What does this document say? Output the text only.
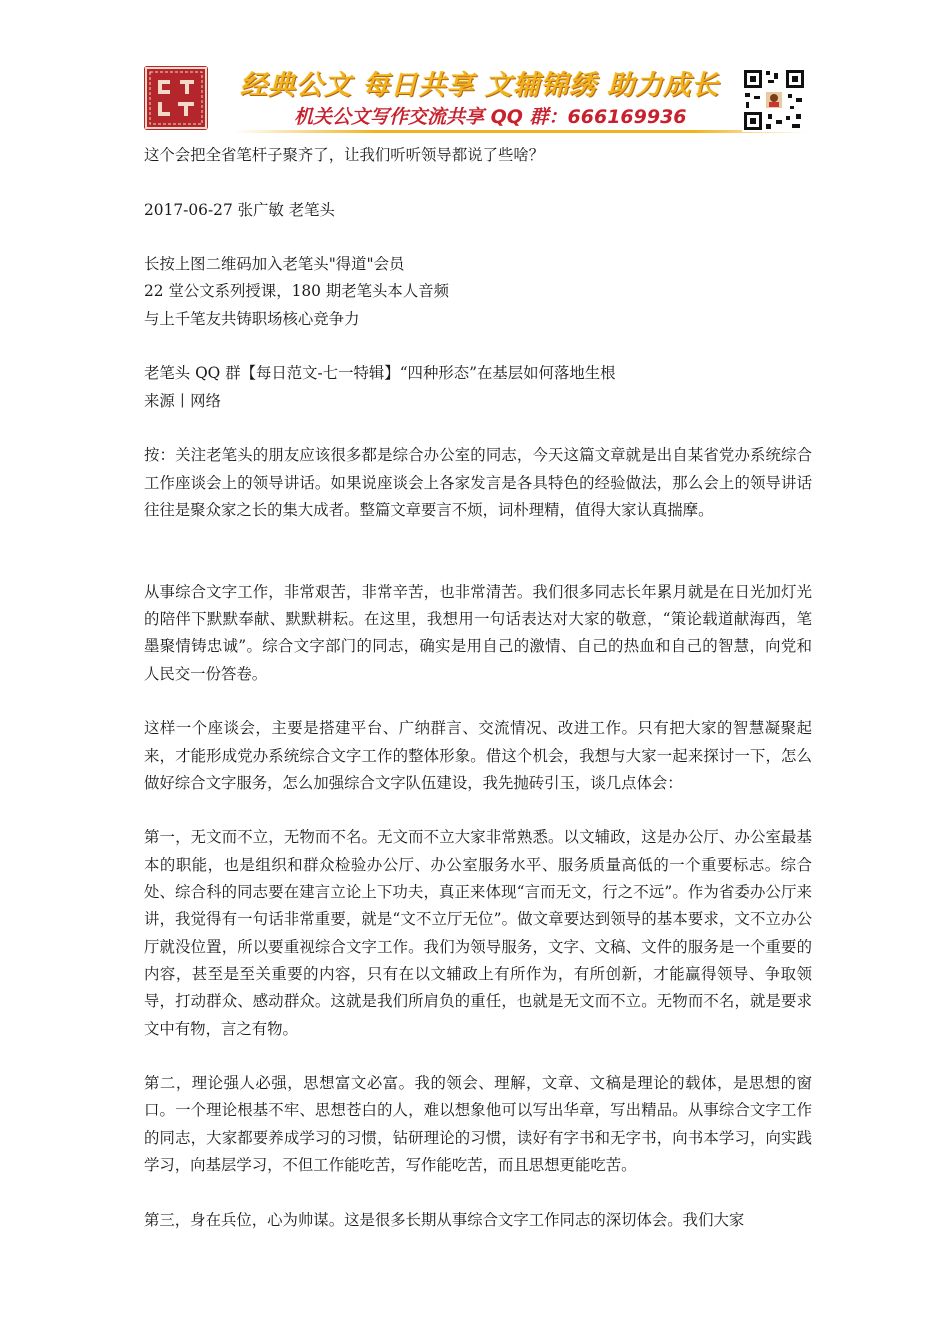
经典公文 每日共享 文辅锦绣 助力成长
机关公文写作交流共享 QQ 群：666169936

这个会把全省笔杆子聚齐了，让我们听听领导都说了些啥？

2017-06-27 张广敏 老笔头

长按上图二维码加入老笔头"得道"会员

22 堂公文系列授课，180 期老笔头本人音频

与上千笔友共铸职场核心竞争力

老笔头 QQ 群【每日范文-七一特辑】“四种形态”在基层如何落地生根

来源丨网络

按：关注老笔头的朋友应该很多都是综合办公室的同志，今天这篇文章就是出自某省党办系统综合工作座谈会上的领导讲话。如果说座谈会上各家发言是各具特色的经验做法，那么会上的领导讲话往往是聚众家之长的集大成者。整篇文章要言不烦，词朴理精，值得大家认真揣摩。

从事综合文字工作，非常艰苦，非常辛苦，也非常清苦。我们很多同志长年累月就是在日光加灯光的陪伴下默默奉献、默默耕耘。在这里，我想用一句话表达对大家的敬意，“策论载道献海西，笔墨聚情铸忠诚”。综合文字部门的同志，确实是用自己的激情、自己的热血和自己的智慧，向党和人民交一份答卷。

这样一个座谈会，主要是搭建平台、广纳群言、交流情况、改进工作。只有把大家的智慧凝聚起来，才能形成党办系统综合文字工作的整体形象。借这个机会，我想与大家一起来探讨一下，怎么做好综合文字服务，怎么加强综合文字队伍建设，我先抛砖引玉，谈几点体会：

第一，无文而不立，无物而不名。无文而不立大家非常熟悉。以文辅政，这是办公厅、办公室最基本的职能，也是组织和群众检验办公厅、办公室服务水平、服务质量高低的一个重要标志。综合处、综合科的同志要在建言立论上下功夫，真正来体现“言而无文，行之不远”。作为省委办公厅来讲，我觉得有一句话非常重要，就是“文不立厅无位”。做文章要达到领导的基本要求，文不立办公厅就没位置，所以要重视综合文字工作。我们为领导服务，文字、文稿、文件的服务是一个重要的内容，甚至是至关重要的内容，只有在以文辅政上有所作为，有所创新，才能赢得领导、争取领导，打动群众、感动群众。这就是我们所肩负的重任，也就是无文而不立。无物而不名，就是要求文中有物，言之有物。

第二，理论强人必强，思想富文必富。我的领会、理解，文章、文稿是理论的载体，是思想的窗口。一个理论根基不牢、思想苍白的人，难以想象他可以写出华章，写出精品。从事综合文字工作的同志，大家都要养成学习的习惯，钻研理论的习惯，读好有字书和无字书，向书本学习，向实践学习，向基层学习，不但工作能吃苦，写作能吃苦，而且思想更能吃苦。

第三，身在兵位，心为帅谋。这是很多长期从事综合文字工作同志的深切体会。我们大家
